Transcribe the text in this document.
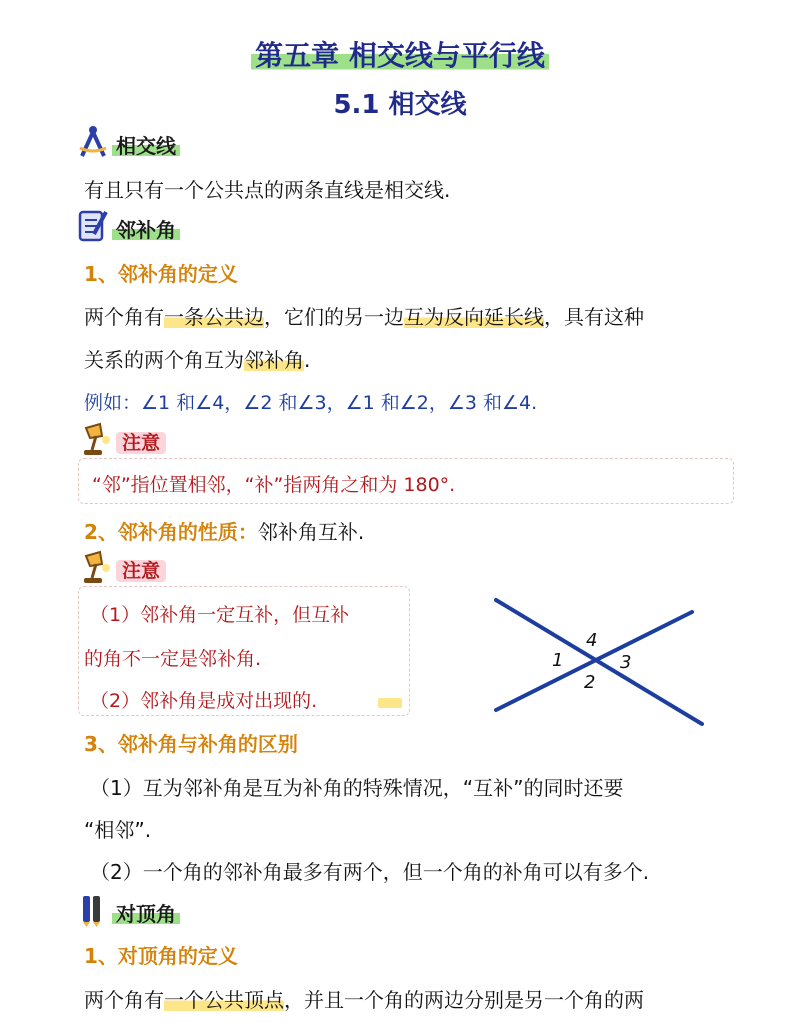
第五章 相交线与平行线
5.1 相交线
相交线
有且只有一个公共点的两条直线是相交线.
邻补角
1、邻补角的定义
两个角有一条公共边，它们的另一边互为反向延长线，具有这种
关系的两个角互为邻补角.
例如：∠1 和∠4，∠2 和∠3，∠1 和∠2，∠3 和∠4.
注意
“邻”指位置相邻，“补”指两角之和为 180°.
2、邻补角的性质：邻补角互补.
注意
（1）邻补角一定互补，但互补
的角不一定是邻补角.
（2）邻补角是成对出现的.
1
2
3
4
3、邻补角与补角的区别
（1）互为邻补角是互为补角的特殊情况，“互补”的同时还要
“相邻”.
（2）一个角的邻补角最多有两个，但一个角的补角可以有多个.
对顶角
1、对顶角的定义
两个角有一个公共顶点，并且一个角的两边分别是另一个角的两
